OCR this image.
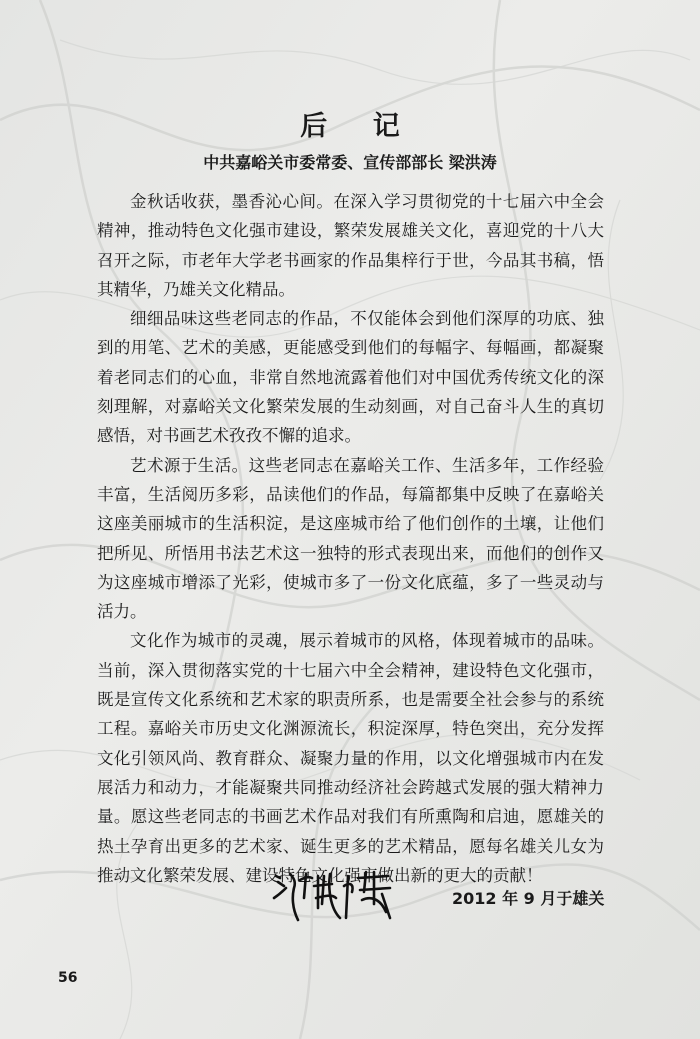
后 记
中共嘉峪关市委常委、宣传部部长 梁洪涛

金秋话收获，墨香沁心间。在深入学习贯彻党的十七届六中全会精神，推动特色文化强市建设，繁荣发展雄关文化，喜迎党的十八大召开之际，市老年大学老书画家的作品集梓行于世，今品其书稿，悟其精华，乃雄关文化精品。

细细品味这些老同志的作品，不仅能体会到他们深厚的功底、独到的用笔、艺术的美感，更能感受到他们的每幅字、每幅画，都凝聚着老同志们的心血，非常自然地流露着他们对中国优秀传统文化的深刻理解，对嘉峪关文化繁荣发展的生动刻画，对自己奋斗人生的真切感悟，对书画艺术孜孜不懈的追求。

艺术源于生活。这些老同志在嘉峪关工作、生活多年，工作经验丰富，生活阅历多彩，品读他们的作品，每篇都集中反映了在嘉峪关这座美丽城市的生活积淀，是这座城市给了他们创作的土壤，让他们把所见、所悟用书法艺术这一独特的形式表现出来，而他们的创作又为这座城市增添了光彩，使城市多了一份文化底蕴，多了一些灵动与活力。

文化作为城市的灵魂，展示着城市的风格，体现着城市的品味。当前，深入贯彻落实党的十七届六中全会精神，建设特色文化强市，既是宣传文化系统和艺术家的职责所系，也是需要全社会参与的系统工程。嘉峪关市历史文化渊源流长，积淀深厚，特色突出，充分发挥文化引领风尚、教育群众、凝聚力量的作用，以文化增强城市内在发展活力和动力，才能凝聚共同推动经济社会跨越式发展的强大精神力量。愿这些老同志的书画艺术作品对我们有所熏陶和启迪，愿雄关的热土孕育出更多的艺术家、诞生更多的艺术精品，愿每名雄关儿女为推动文化繁荣发展、建设特色文化强市做出新的更大的贡献！

2012 年 9 月于雄关
56
